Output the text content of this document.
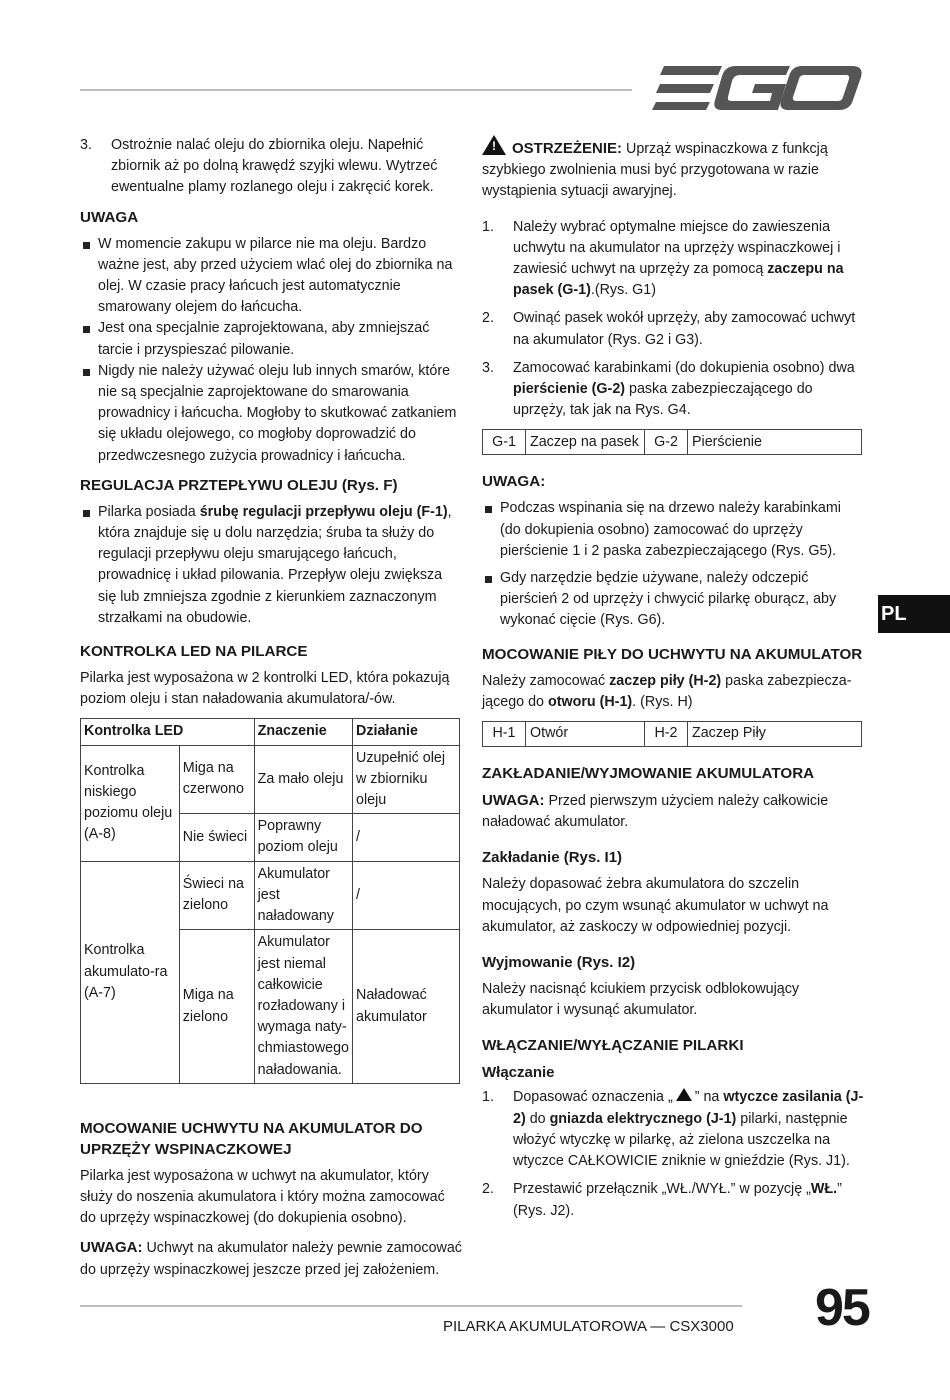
3. Ostrożnie nalać oleju do zbiornika oleju. Napełnić zbiornik aż po dolną krawędź szyjki wlewu. Wytrzeć ewentualne plamy rozlanego oleju i zakręcić korek.
UWAGA
W momencie zakupu w pilarce nie ma oleju. Bardzo ważne jest, aby przed użyciem wlać olej do zbiornika na olej. W czasie pracy łańcuch jest automatycznie smarowany olejem do łańcucha.
Jest ona specjalnie zaprojektowana, aby zmniejszać tarcie i przyspieszać pilowanie.
Nigdy nie należy używać oleju lub innych smarów, które nie są specjalnie zaprojektowane do smarowania prowadnicy i łańcucha. Mogłoby to skutkować zatkaniem się układu olejowego, co mogłoby doprowadzić do przedwczesnego zużycia prowadnicy i łańcucha.
REGULACJA PRZTEPŁYWU OLEJU (Rys. F)
Pilarka posiada śrubę regulacji przepływu oleju (F-1), która znajduje się u dolu narzędzia; śruba ta służy do regulacji przepływu oleju smarującego łańcuch, prowadnicę i układ pilowania. Przepływ oleju zwiększa się lub zmniejsza zgodnie z kierunkiem zaznaczonym strzałkami na obudowie.
KONTROLKA LED NA PILARCE

Pilarka jest wyposażona w 2 kontrolki LED, która pokazują poziom oleju i stan naładowania akumulatora/-ów.

Kontrolka LED		Znaczenie	Działanie
Kontrolka niskiego poziomu oleju (A-8)	Miga na czerwono	Za mało oleju	Uzupełnić olej w zbiorniku oleju
	Nie świeci	Poprawny poziom oleju	/
Kontrolka akumulato-ra (A-7)	Świeci na zielono	Akumulator jest naładowany	/
	Miga na zielono	Akumulator jest niemal całkowicie rozładowany i wymaga naty-chmiastowego naładowania.	Naładować akumulator
MOCOWANIE UCHWYTU NA AKUMULATOR DO UPRZĘŻY WSPINACZKOWEJ

Pilarka jest wyposażona w uchwyt na akumulator, który służy do noszenia akumulatora i który można zamocować do uprzęży wspinaczkowej (do dokupienia osobno).

UWAGA: Uchwyt na akumulator należy pewnie zamocować do uprzęży wspinaczkowej jeszcze przed jej założeniem.

! OSTRZEŻENIE: Uprząż wspinaczkowa z funkcją szybkiego zwolnienia musi być przygotowana w razie wystąpienia sytuacji awaryjnej.

1. Należy wybrać optymalne miejsce do zawieszenia uchwytu na akumulator na uprzęży wspinaczkowej i zawiesić uchwyt na uprzęży za pomocą zaczepu na pasek (G-1).(Rys. G1)
2. Owinąć pasek wokół uprzęży, aby zamocować uchwyt na akumulator (Rys. G2 i G3).
3. Zamocować karabinkami (do dokupienia osobno) dwa pierścienie (G-2) paska zabezpieczającego do uprzęży, tak jak na Rys. G4.
G-1	Zaczep na pasek	G-2	Pierścienie
UWAGA:
Podczas wspinania się na drzewo należy karabinkami (do dokupienia osobno) zamocować do uprzęży pierścienie 1 i 2 paska zabezpieczającego (Rys. G5).
Gdy narzędzie będzie używane, należy odczepić pierścień 2 od uprzęży i chwycić pilarkę oburącz, aby wykonać cięcie (Rys. G6).
MOCOWANIE PIŁY DO UCHWYTU NA AKUMULATOR

Należy zamocować zaczep piły (H-2) paska zabezpiecza-jącego do otworu (H-1). (Rys. H)

H-1	Otwór	H-2	Zaczep Piły
ZAKŁADANIE/WYJMOWANIE AKUMULATORA

UWAGA: Przed pierwszym użyciem należy całkowicie naładować akumulator.

Zakładanie (Rys. I1)

Należy dopasować żebra akumulatora do szczelin mocujących, po czym wsunąć akumulator w uchwyt na akumulator, aż zaskoczy w odpowiedniej pozycji.

Wyjmowanie (Rys. I2)

Należy nacisnąć kciukiem przycisk odblokowujący akumulator i wysunąć akumulator.

WŁĄCZANIE/WYŁĄCZANIE PILARKI
Włączanie
1. Dopasować oznaczenia „ ” na wtyczce zasilania (J-2) do gniazda elektrycznego (J-1) pilarki, następnie włożyć wtyczkę w pilarkę, aż zielona uszczelka na wtyczce CAŁKOWICIE zniknie w gnieździe (Rys. J1).
2. Przestawić przełącznik „WŁ./WYŁ.” w pozycję „WŁ.” (Rys. J2).
PL
PILARKA AKUMULATOROWA — CSX3000 95
